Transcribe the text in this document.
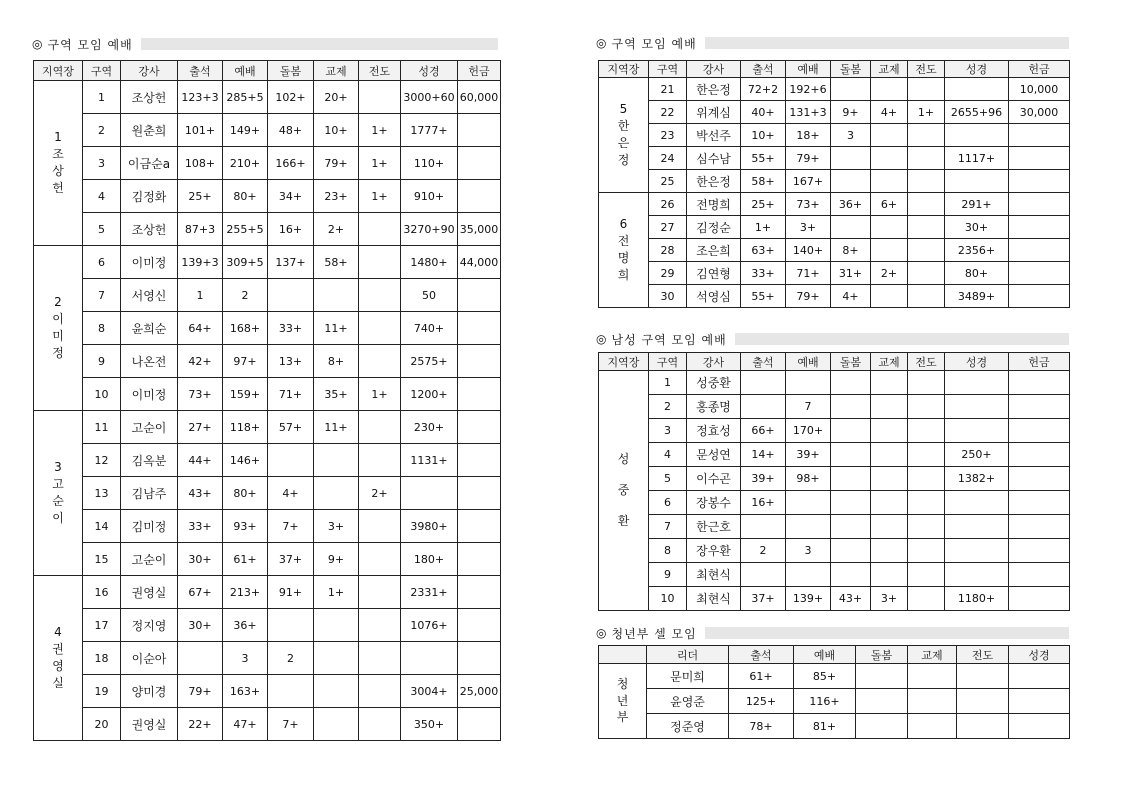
◎ 구역 모임 예배
지역장	구역	강사	출석	예배	돌봄	교제	전도	성경	헌금

1
조
상
헌	1	조상헌	123+3	285+5	102+	20+		3000+60	60,000
	2	원춘희	101+	149+	48+	10+	1+	1777+	
	3	이금순a	108+	210+	166+	79+	1+	110+	
	4	김정화	25+	80+	34+	23+	1+	910+	
	5	조상헌	87+3	255+5	16+	2+		3270+90	35,000

2
이
미
정	6	이미정	139+3	309+5	137+	58+		1480+	44,000
	7	서영신	1	2				50	
	8	윤희순	64+	168+	33+	11+		740+	
	9	나온전	42+	97+	13+	8+		2575+	
	10	이미정	73+	159+	71+	35+	1+	1200+	

3
고
순
이	11	고순이	27+	118+	57+	11+		230+	
	12	김옥분	44+	146+				1131+	
	13	김남주	43+	80+	4+		2+		
	14	김미정	33+	93+	7+	3+		3980+	
	15	고순이	30+	61+	37+	9+		180+	

4
권
영
실	16	권영실	67+	213+	91+	1+		2331+	
	17	정지영	30+	36+				1076+	
	18	이순아		3	2				
	19	양미경	79+	163+				3004+	25,000
	20	권영실	22+	47+	7+			350+	
◎ 구역 모임 예배
지역장	구역	강사	출석	예배	돌봄	교제	전도	성경	헌금

5
한
은
정	21	한은정	72+2	192+6					10,000
	22	위계심	40+	131+3	9+	4+	1+	2655+96	30,000
	23	박선주	10+	18+	3				
	24	심수남	55+	79+				1117+	
	25	한은정	58+	167+					

6
전
명
희	26	전명희	25+	73+	36+	6+		291+	
	27	김정순	1+	3+				30+	
	28	조은희	63+	140+	8+			2356+	
	29	김연형	33+	71+	31+	2+		80+	
	30	석영심	55+	79+	4+			3489+	
◎ 남성 구역 모임 예배
지역장	구역	강사	출석	예배	돌봄	교제	전도	성경	헌금

성
중
환	1	성중환							
	2	홍종명		7					
	3	정효성	66+	170+					
	4	문성연	14+	39+				250+	
	5	이수곤	39+	98+				1382+	
	6	장봉수	16+						
	7	한근호							
	8	장우환	2	3					
	9	최현식							
	10	최현식	37+	139+	43+	3+		1180+	
◎ 청년부 셀 모임
	리더	출석	예배	돌봄	교제	전도	성경

청
년
부	문미희	61+	85+				
	윤영준	125+	116+				
	정준영	78+	81+				
